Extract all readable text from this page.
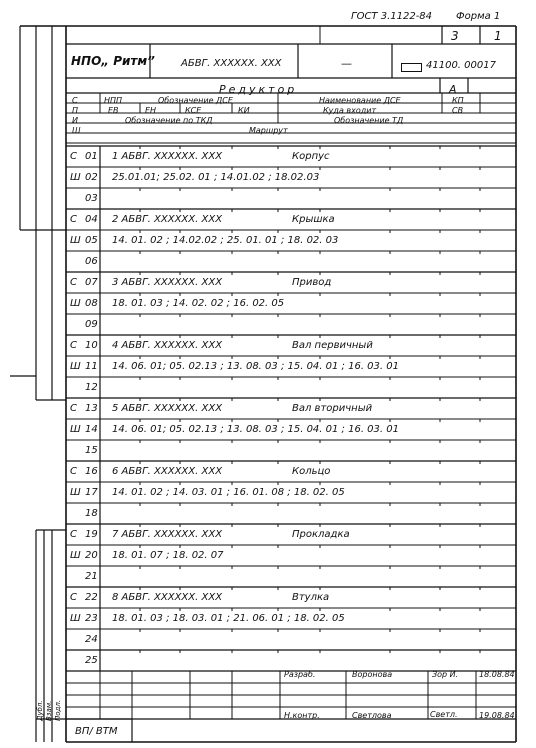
ГОСТ 3.1122-84 Форма 1
3	1
НПО„ Ритм”	АБВГ. XXXXXX. XXX	—	41100. 00017
Редуктор	А
С	НПП	Обозначение ДСЕ	Наименование ДСЕ	КП
П	ЕВ	ЕН	КСЕ	КИ	Куда входит	СВ
И	Обозначение по ТКД	Обозначение ТД
Ш	Маршрут
С 01 1 АБВГ. XXXXXX. XXX	Корпус
Ш 02 25.01.01; 25.02. 01 ; 14.01.02 ; 18.02.03
03
С 04 2 АБВГ. XXXXXX. XXX	Крышка
Ш 05 14. 01. 02 ; 14.02.02 ; 25. 01. 01 ; 18. 02. 03
06
С 07 3 АБВГ. XXXXXX. XXX	Привод
Ш 08 18. 01. 03 ; 14. 02. 02 ; 16. 02. 05
09
С 10 4 АБВГ. XXXXXX. XXX	Вал первичный
Ш 11 14. 06. 01; 05. 02.13 ; 13. 08. 03 ; 15. 04. 01 ; 16. 03. 01
12
С 13 5 АБВГ. XXXXXX. XXX	Вал вторичный
Ш 14 14. 06. 01; 05. 02.13 ; 13. 08. 03 ; 15. 04. 01 ; 16. 03. 01
15
С 16 6 АБВГ. XXXXXX. XXX	Кольцо
Ш 17 14. 01. 02 ; 14. 03. 01 ; 16. 01. 08 ; 18. 02. 05
18
С 19 7 АБВГ. XXXXXX. XXX	Прокладка
Ш 20 18. 01. 07 ; 18. 02. 07
21
С 22 8 АБВГ. XXXXXX. XXX	Втулка
Ш 23 18. 01. 03 ; 18. 03. 01 ; 21. 06. 01 ; 18. 02. 05
24
25
Разраб.	Воронова	Зор И.	18.08.84
Н.контр.	Светлова	Светл.	19.08.84
Дубл. Взам. Подл.
ВП/ ВТМ
